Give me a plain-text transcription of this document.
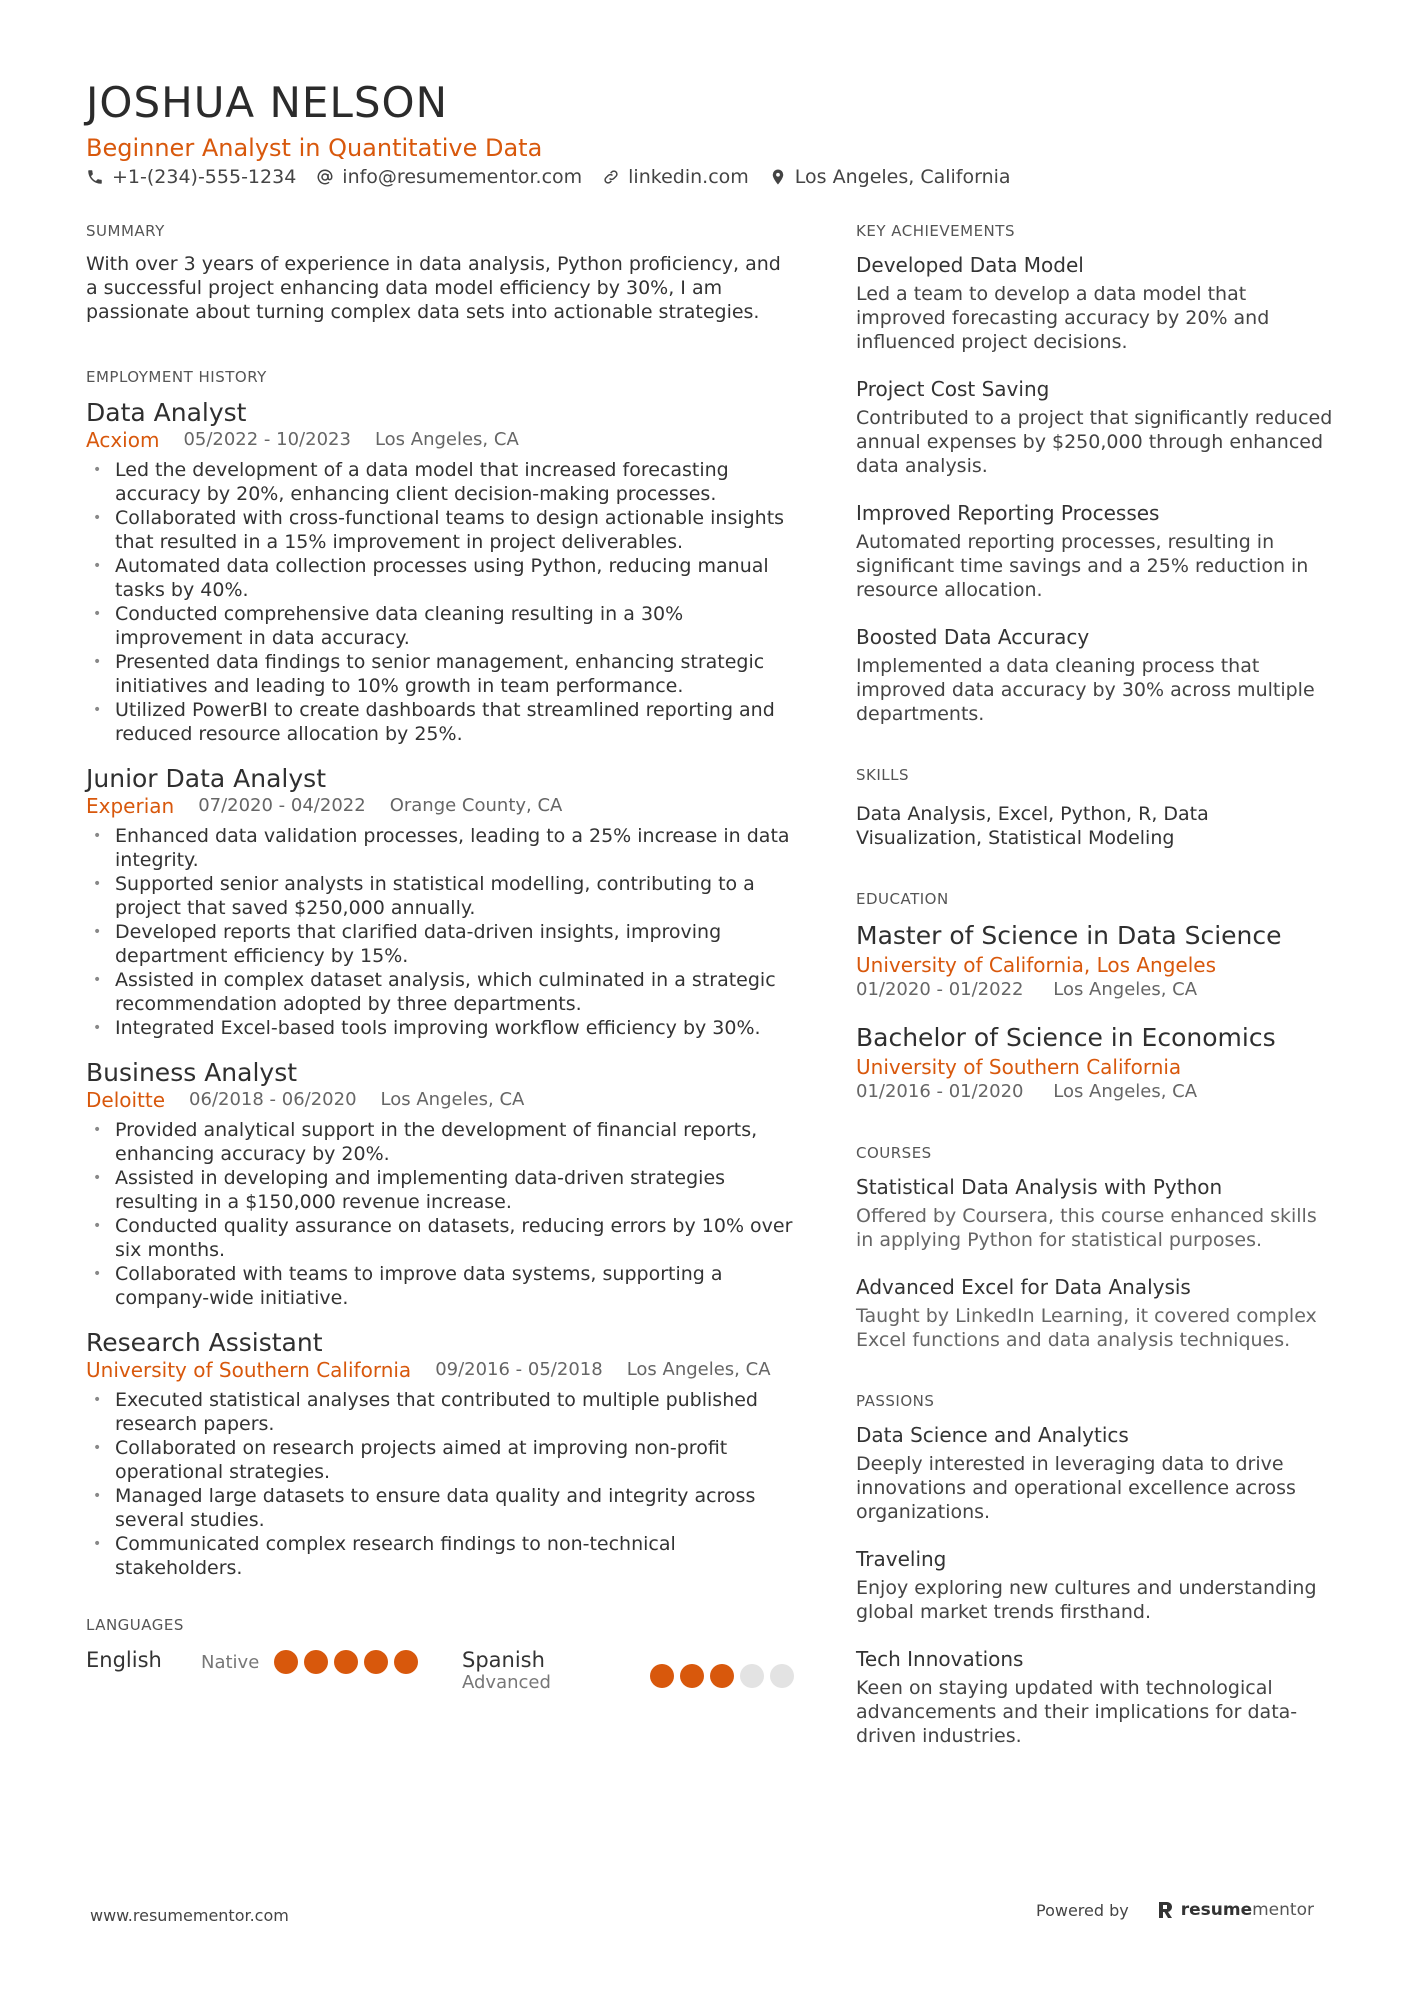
JOSHUA NELSON
Beginner Analyst in Quantitative Data
+1-(234)-555-1234 info@resumementor.com linkedin.com Los Angeles, California
SUMMARY

With over 3 years of experience in data analysis, Python proficiency, and a successful project enhancing data model efficiency by 30%, I am passionate about turning complex data sets into actionable strategies.

EMPLOYMENT HISTORY
Data Analyst
Acxiom 05/2022 - 10/2023 Los Angeles, CA
• Led the development of a data model that increased forecasting accuracy by 20%, enhancing client decision-making processes.
• Collaborated with cross-functional teams to design actionable insights that resulted in a 15% improvement in project deliverables.
• Automated data collection processes using Python, reducing manual tasks by 40%.
• Conducted comprehensive data cleaning resulting in a 30% improvement in data accuracy.
• Presented data findings to senior management, enhancing strategic initiatives and leading to 10% growth in team performance.
• Utilized PowerBI to create dashboards that streamlined reporting and reduced resource allocation by 25%.
Junior Data Analyst
Experian 07/2020 - 04/2022 Orange County, CA
• Enhanced data validation processes, leading to a 25% increase in data integrity.
• Supported senior analysts in statistical modelling, contributing to a project that saved $250,000 annually.
• Developed reports that clarified data-driven insights, improving department efficiency by 15%.
• Assisted in complex dataset analysis, which culminated in a strategic recommendation adopted by three departments.
• Integrated Excel-based tools improving workflow efficiency by 30%.
Business Analyst
Deloitte 06/2018 - 06/2020 Los Angeles, CA
• Provided analytical support in the development of financial reports, enhancing accuracy by 20%.
• Assisted in developing and implementing data-driven strategies resulting in a $150,000 revenue increase.
• Conducted quality assurance on datasets, reducing errors by 10% over six months.
• Collaborated with teams to improve data systems, supporting a company-wide initiative.
Research Assistant
University of Southern California 09/2016 - 05/2018 Los Angeles, CA
• Executed statistical analyses that contributed to multiple published research papers.
• Collaborated on research projects aimed at improving non-profit operational strategies.
• Managed large datasets to ensure data quality and integrity across several studies.
• Communicated complex research findings to non-technical stakeholders.
LANGUAGES
English Native	Spanish
Advanced
KEY ACHIEVEMENTS
Developed Data Model
Led a team to develop a data model that improved forecasting accuracy by 20% and influenced project decisions.
Project Cost Saving
Contributed to a project that significantly reduced annual expenses by $250,000 through enhanced data analysis.
Improved Reporting Processes
Automated reporting processes, resulting in significant time savings and a 25% reduction in resource allocation.
Boosted Data Accuracy
Implemented a data cleaning process that improved data accuracy by 30% across multiple departments.
SKILLS

Data Analysis, Excel, Python, R, Data Visualization, Statistical Modeling

EDUCATION
Master of Science in Data Science
University of California, Los Angeles
01/2020 - 01/2022 Los Angeles, CA
Bachelor of Science in Economics
University of Southern California
01/2016 - 01/2020 Los Angeles, CA
COURSES
Statistical Data Analysis with Python
Offered by Coursera, this course enhanced skills in applying Python for statistical purposes.
Advanced Excel for Data Analysis
Taught by LinkedIn Learning, it covered complex Excel functions and data analysis techniques.
PASSIONS
Data Science and Analytics
Deeply interested in leveraging data to drive innovations and operational excellence across organizations.
Traveling
Enjoy exploring new cultures and understanding global market trends firsthand.
Tech Innovations
Keen on staying updated with technological advancements and their implications for data-driven industries.
www.resumementor.com	Powered by	resume mentor
